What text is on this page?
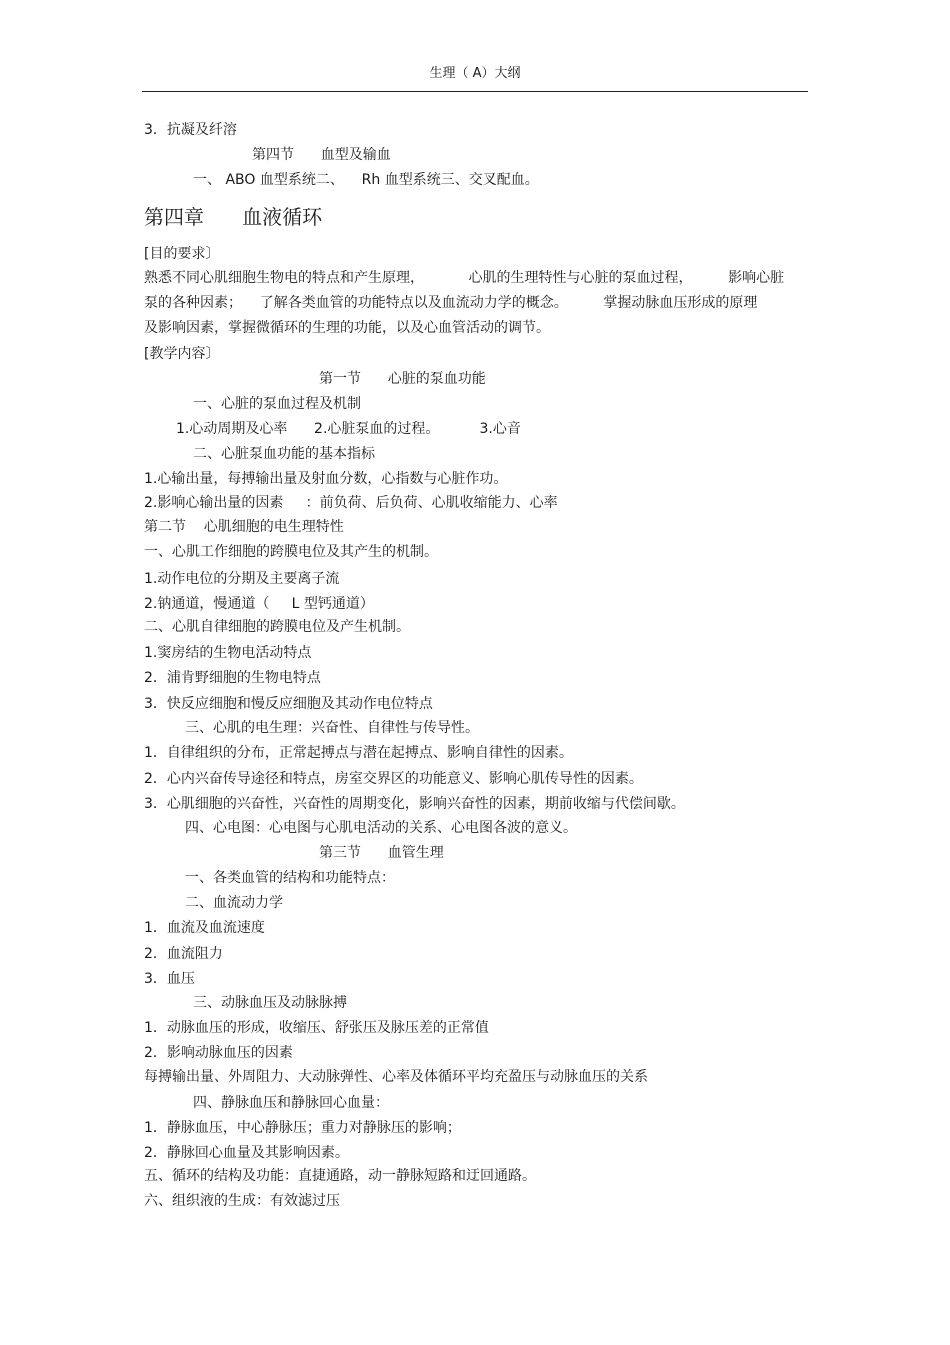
生理（ A）大纲
3．抗凝及纤溶
第四节      血型及输血
一、 ABO 血型系统二、    Rh 血型系统三、交叉配血。
第四章      血液循环
[目的要求〕
熟悉不同心肌细胞生物电的特点和产生原理，          心肌的生理特性与心脏的泵血过程，        影响心脏
泵的各种因素；    了解各类血管的功能特点以及血流动力学的概念。        掌握动脉血压形成的原理
及影响因素，掌握微循环的生理的功能，以及心血管活动的调节。
[教学内容〕
第一节      心脏的泵血功能
一、心脏的泵血过程及机制
1.心动周期及心率      2.心脏泵血的过程。         3.心音
二、心脏泵血功能的基本指标
1.心输出量，每搏输出量及射血分数，心指数与心脏作功。
2.影响心输出量的因素     ：前负荷、后负荷、心肌收缩能力、心率
第二节    心肌细胞的电生理特性
一、心肌工作细胞的跨膜电位及其产生的机制。
1.动作电位的分期及主要离子流
2.钠通道，慢通道（     L 型钙通道）
二、心肌自律细胞的跨膜电位及产生机制。
1.窦房结的生物电活动特点
2．浦肯野细胞的生物电特点
3．快反应细胞和慢反应细胞及其动作电位特点
三、心肌的电生理：兴奋性、自律性与传导性。
1．自律组织的分布，正常起搏点与潜在起搏点、影响自律性的因素。
2．心内兴奋传导途径和特点，房室交界区的功能意义、影响心肌传导性的因素。
3．心肌细胞的兴奋性，兴奋性的周期变化，影响兴奋性的因素，期前收缩与代偿间歇。
四、心电图：心电图与心肌电活动的关系、心电图各波的意义。
第三节      血管生理
一、各类血管的结构和功能特点：
二、血流动力学
1．血流及血流速度
2．血流阻力
3．血压
三、动脉血压及动脉脉搏
1．动脉血压的形成，收缩压、舒张压及脉压差的正常值
2．影响动脉血压的因素
每搏输出量、外周阻力、大动脉弹性、心率及体循环平均充盈压与动脉血压的关系
四、静脉血压和静脉回心血量：
1．静脉血压，中心静脉压；重力对静脉压的影响；
2．静脉回心血量及其影响因素。
五、循环的结构及功能：直捷通路，动一静脉短路和迂回通路。
六、组织液的生成：有效滤过压
